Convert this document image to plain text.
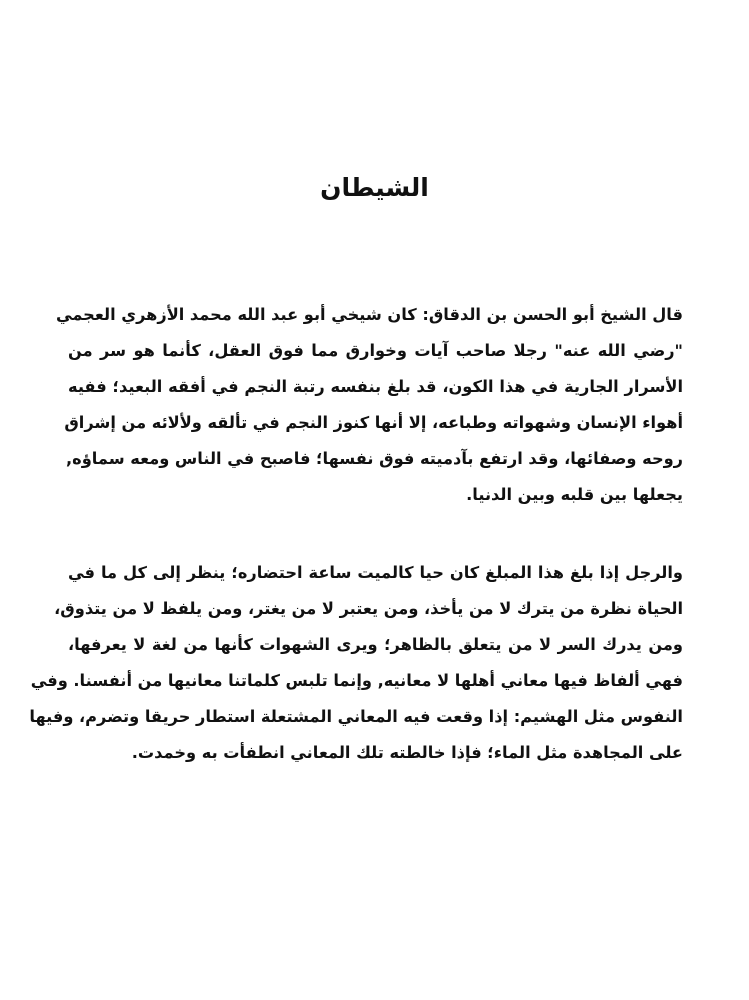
الشيطان
قال الشيخ أبو الحسن بن الدقاق: كان شيخي أبو عبد الله محمد الأزهري العجمي
"رضي الله عنه" رجلا صاحب آيات وخوارق مما فوق العقل، كأنما هو سر من
الأسرار الجارية في هذا الكون، قد بلغ بنفسه رتبة النجم في أفقه البعيد؛ ففيه
أهواء الإنسان وشهواته وطباعه، إلا أنها كنوز النجم في تألقه ولألائه من إشراق
روحه وصفائها، وقد ارتفع بآدميته فوق نفسها؛ فاصبح في الناس ومعه سماؤه,
يجعلها بين قلبه وبين الدنيا.
والرجل إذا بلغ هذا المبلغ كان حيا كالميت ساعة احتضاره؛ ينظر إلى كل ما في
الحياة نظرة من يترك لا من يأخذ، ومن يعتبر لا من يغتر، ومن يلفظ لا من يتذوق،
ومن يدرك السر لا من يتعلق بالظاهر؛ ويرى الشهوات كأنها من لغة لا يعرفها،
فهي ألفاظ فيها معاني أهلها لا معانيه, وإنما تلبس كلماتنا معانيها من أنفسنا. وفي
النفوس مثل الهشيم: إذا وقعت فيه المعاني المشتعلة استطار حريقا وتضرم، وفيها
على المجاهدة مثل الماء؛ فإذا خالطته تلك المعاني انطفأت به وخمدت.
